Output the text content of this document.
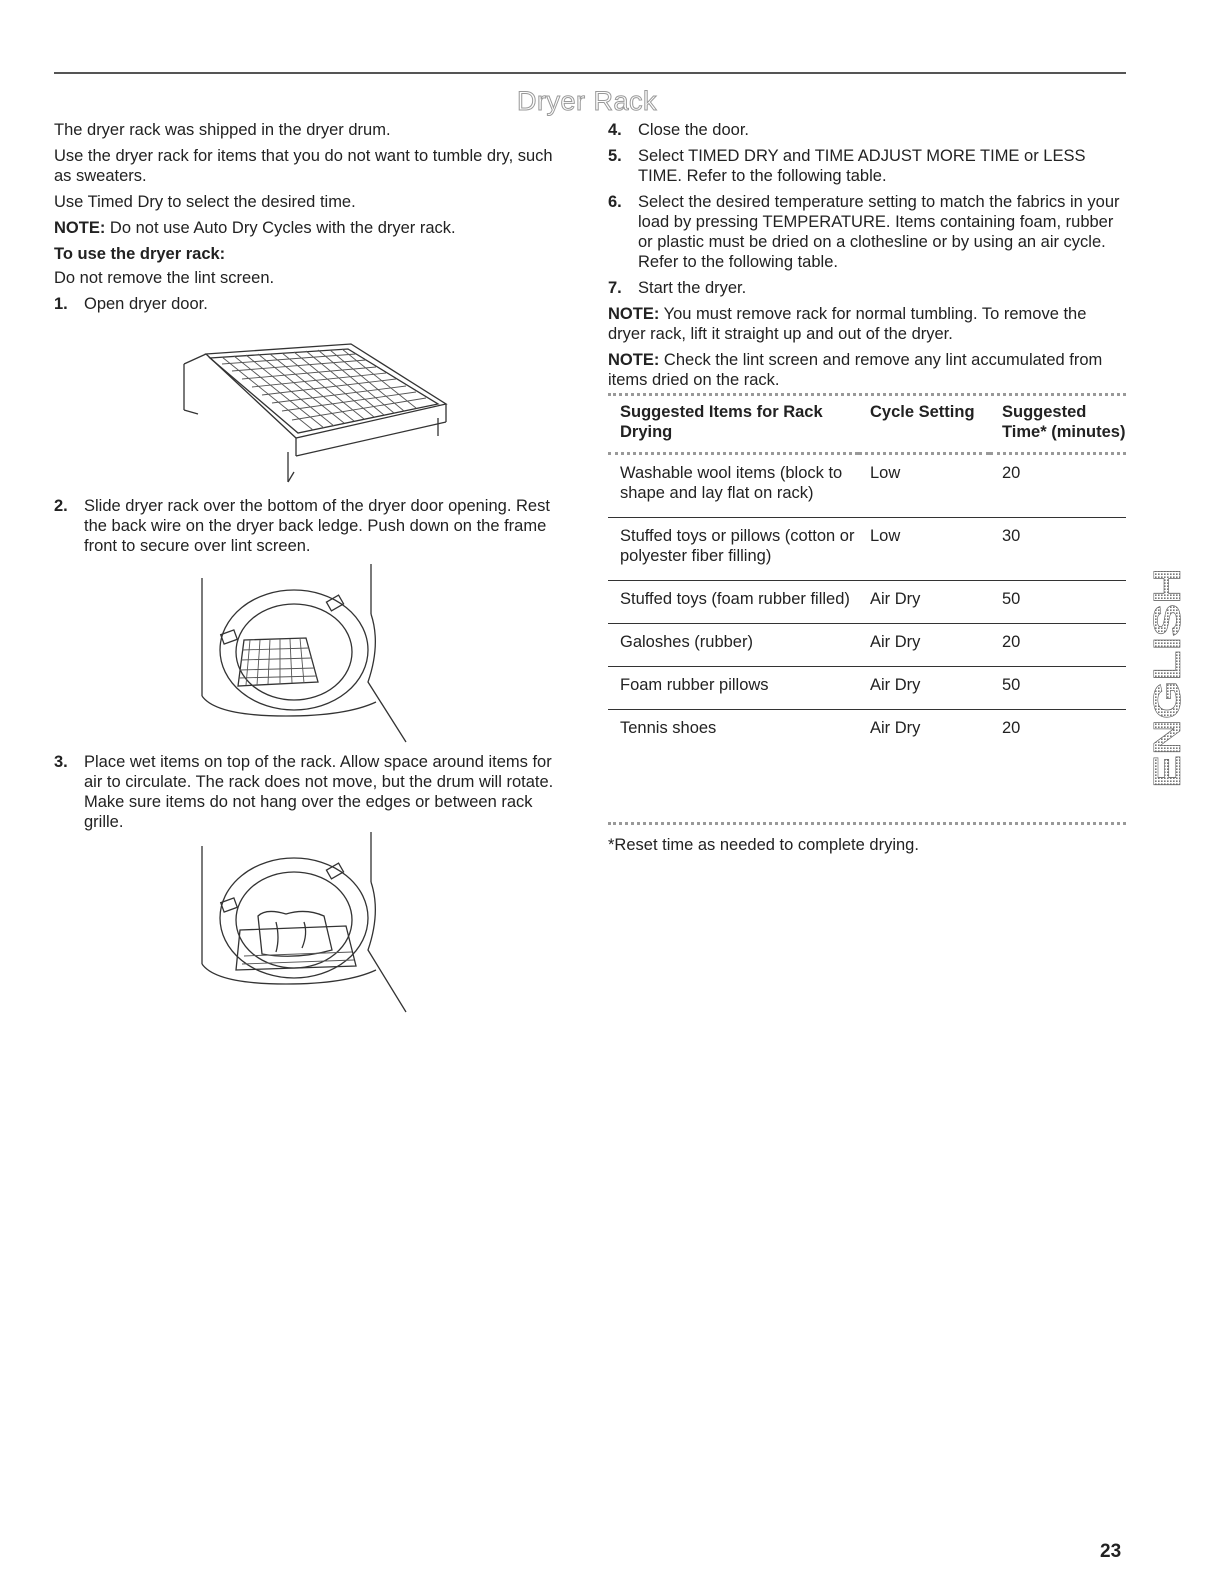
Dryer Rack

The dryer rack was shipped in the dryer drum.

Use the dryer rack for items that you do not want to tumble dry, such as sweaters.

Use Timed Dry to select the desired time.

NOTE: Do not use Auto Dry Cycles with the dryer rack.

To use the dryer rack:

Do not remove the lint screen.

1. Open dryer door.
2. Slide dryer rack over the bottom of the dryer door opening. Rest the back wire on the dryer back ledge. Push down on the frame front to secure over lint screen.
3. Place wet items on top of the rack. Allow space around items for air to circulate. The rack does not move, but the drum will rotate. Make sure items do not hang over the edges or between rack grille.
4. Close the door.
5. Select TIMED DRY and TIME ADJUST MORE TIME or LESS TIME. Refer to the following table.
6. Select the desired temperature setting to match the fabrics in your load by pressing TEMPERATURE. Items containing foam, rubber or plastic must be dried on a clothesline or by using an air cycle. Refer to the following table.
7. Start the dryer.

NOTE: You must remove rack for normal tumbling. To remove the dryer rack, lift it straight up and out of the dryer.

NOTE: Check the lint screen and remove any lint accumulated from items dried on the rack.

Suggested Items for Rack Drying	Cycle Setting	Suggested Time* (minutes)
Washable wool items (block to shape and lay flat on rack)	Low	20
Stuffed toys or pillows (cotton or polyester fiber filling)	Low	30
Stuffed toys (foam rubber filled)	Air Dry	50
Galoshes (rubber)	Air Dry	20
Foam rubber pillows	Air Dry	50
Tennis shoes	Air Dry	20
*Reset time as needed to complete drying.
ENGLISH
23
